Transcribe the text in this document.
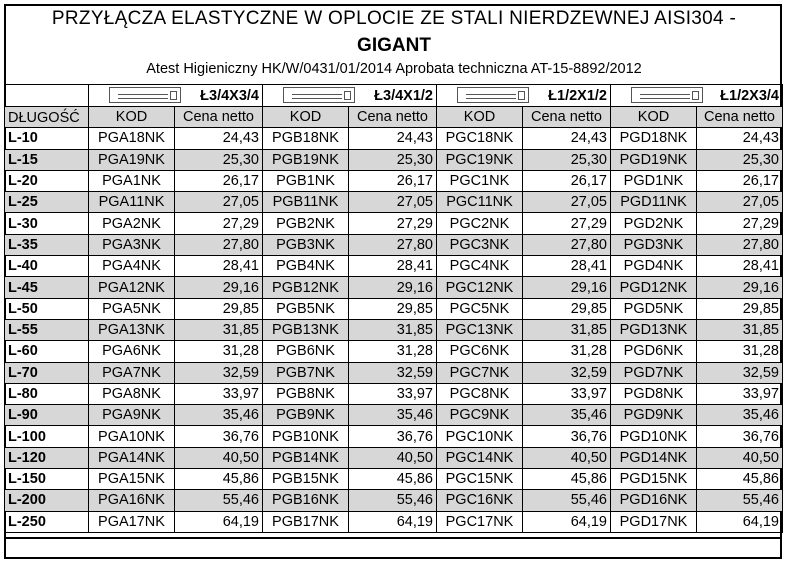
PRZYŁĄCZA ELASTYCZNE W OPLOCIE ZE STALI NIERDZEWNEJ AISI304 -
GIGANT
Atest Higieniczny HK/W/0431/01/2014 Aprobata techniczna AT-15-8892/2012

Ł3/4X3/4		Ł3/4X1/2		Ł1/2X1/2		Ł1/2X3/4	
DŁUGOŚĆ	KOD	Cena netto	KOD	Cena netto	KOD	Cena netto	KOD	Cena netto
L-10	PGA18NK	24,43	PGB18NK	24,43	PGC18NK	24,43	PGD18NK	24,43
L-15	PGA19NK	25,30	PGB19NK	25,30	PGC19NK	25,30	PGD19NK	25,30
L-20	PGA1NK	26,17	PGB1NK	26,17	PGC1NK	26,17	PGD1NK	26,17
L-25	PGA11NK	27,05	PGB11NK	27,05	PGC11NK	27,05	PGD11NK	27,05
L-30	PGA2NK	27,29	PGB2NK	27,29	PGC2NK	27,29	PGD2NK	27,29
L-35	PGA3NK	27,80	PGB3NK	27,80	PGC3NK	27,80	PGD3NK	27,80
L-40	PGA4NK	28,41	PGB4NK	28,41	PGC4NK	28,41	PGD4NK	28,41
L-45	PGA12NK	29,16	PGB12NK	29,16	PGC12NK	29,16	PGD12NK	29,16
L-50	PGA5NK	29,85	PGB5NK	29,85	PGC5NK	29,85	PGD5NK	29,85
L-55	PGA13NK	31,85	PGB13NK	31,85	PGC13NK	31,85	PGD13NK	31,85
L-60	PGA6NK	31,28	PGB6NK	31,28	PGC6NK	31,28	PGD6NK	31,28
L-70	PGA7NK	32,59	PGB7NK	32,59	PGC7NK	32,59	PGD7NK	32,59
L-80	PGA8NK	33,97	PGB8NK	33,97	PGC8NK	33,97	PGD8NK	33,97
L-90	PGA9NK	35,46	PGB9NK	35,46	PGC9NK	35,46	PGD9NK	35,46
L-100	PGA10NK	36,76	PGB10NK	36,76	PGC10NK	36,76	PGD10NK	36,76
L-120	PGA14NK	40,50	PGB14NK	40,50	PGC14NK	40,50	PGD14NK	40,50
L-150	PGA15NK	45,86	PGB15NK	45,86	PGC15NK	45,86	PGD15NK	45,86
L-200	PGA16NK	55,46	PGB16NK	55,46	PGC16NK	55,46	PGD16NK	55,46
L-250	PGA17NK	64,19	PGB17NK	64,19	PGC17NK	64,19	PGD17NK	64,19
